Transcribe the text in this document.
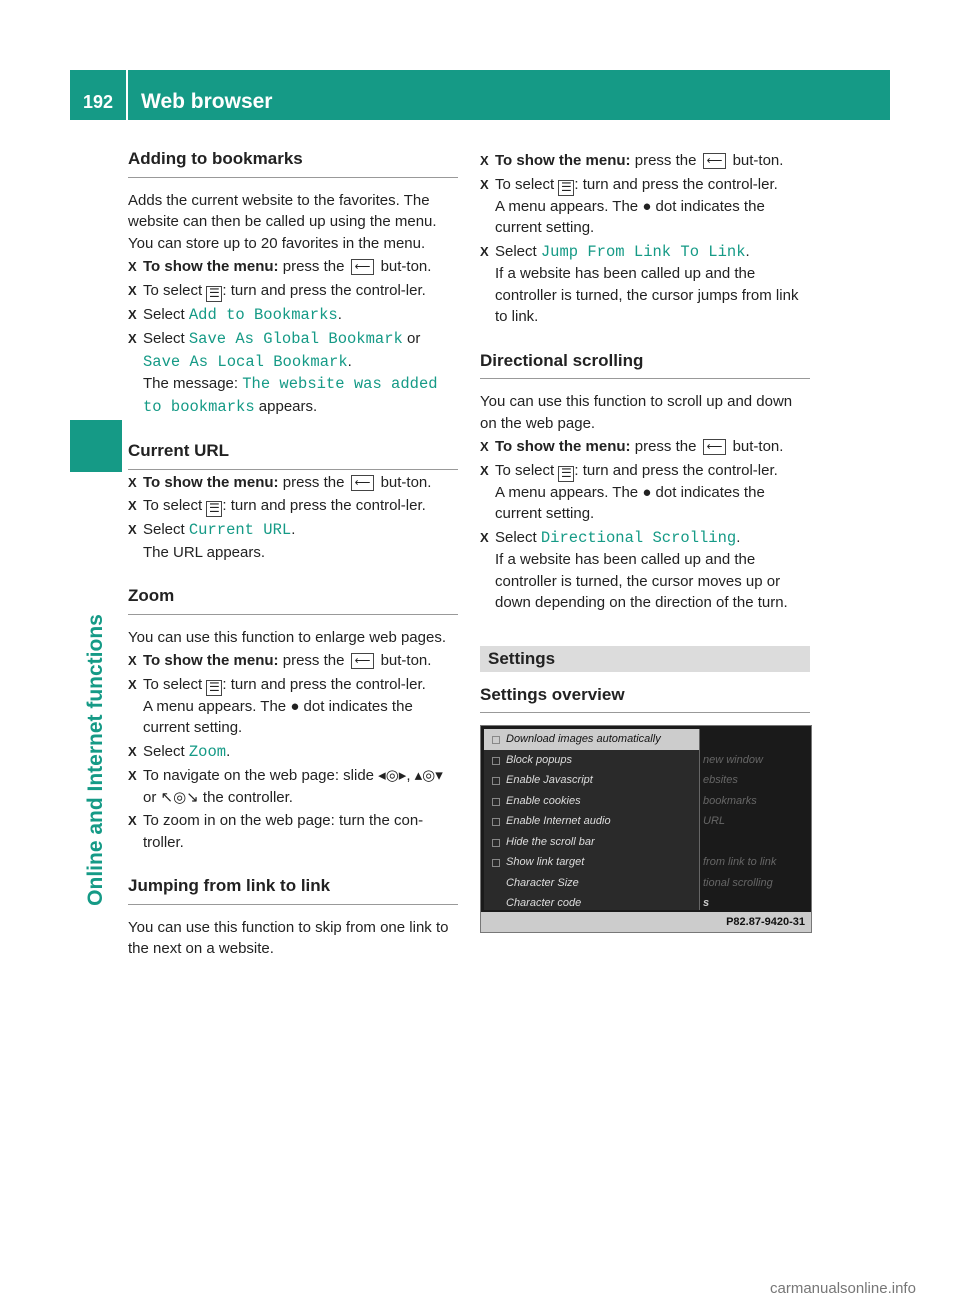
192	Web browser
Online and Internet functions
Adding to bookmarks

Adds the current website to the favorites. The website can then be called up using the menu. You can store up to 20 favorites in the menu.

X To show the menu: press the ⟵ but-ton.
X To select ☰ : turn and press the control-ler.
X Select Add to Bookmarks.
X Select Save As Global Bookmark or Save As Local Bookmark.
The message: The website was added to bookmarks appears.
Current URL
X To show the menu: press the ⟵ but-ton.
X To select ☰ : turn and press the control-ler.
X Select Current URL.
The URL appears.
Zoom

You can use this function to enlarge web pages.

X To show the menu: press the ⟵ but-ton.
X To select ☰ : turn and press the control-ler.
A menu appears. The ● dot indicates the current setting.
X Select Zoom.
X To navigate on the web page: slide ◂◎▸, ▴◎▾ or ↖◎↘ the controller.
X To zoom in on the web page: turn the con-troller.
Jumping from link to link

You can use this function to skip from one link to the next on a website.

X To show the menu: press the ⟵ but-ton.
X To select ☰ : turn and press the control-ler.
A menu appears. The ● dot indicates the current setting.
X Select Jump From Link To Link.
If a website has been called up and the controller is turned, the cursor jumps from link to link.
Directional scrolling

You can use this function to scroll up and down on the web page.

X To show the menu: press the ⟵ but-ton.
X To select ☰ : turn and press the control-ler.
A menu appears. The ● dot indicates the current setting.
X Select Directional Scrolling.
If a website has been called up and the controller is turned, the cursor moves up or down depending on the direction of the turn.
Settings
Settings overview
Download images automatically
Block popups
Enable Javascript
Enable cookies
Enable Internet audio
Hide the scroll bar
Show link target
Character Size
Character code
new window
ebsites
bookmarks
URL
from link to link
tional scrolling
s
P82.87-9420-31
carmanualsonline.info
